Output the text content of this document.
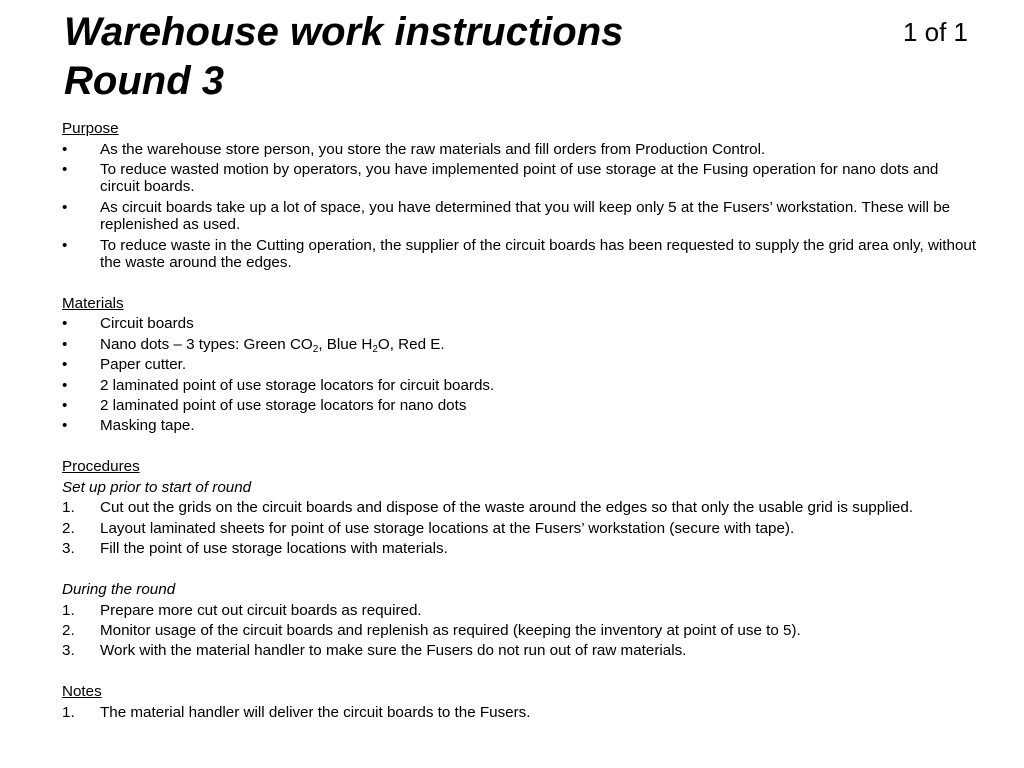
Warehouse work instructions
Round 3
1 of 1
Purpose
• As the warehouse store person, you store the raw materials and fill orders from Production Control.
• To reduce wasted motion by operators, you have implemented point of use storage at the Fusing operation for nano dots and circuit boards.
• As circuit boards take up a lot of space, you have determined that you will keep only 5 at the Fusers’ workstation. These will be replenished as used.
• To reduce waste in the Cutting operation, the supplier of the circuit boards has been requested to supply the grid area only, without the waste around the edges.
Materials
• Circuit boards
• Nano dots – 3 types: Green $CO_2$, Blue $H_2O$, Red E.
• Paper cutter.
• 2 laminated point of use storage locators for circuit boards.
• 2 laminated point of use storage locators for nano dots
• Masking tape.
Procedures
Set up prior to start of round
1. Cut out the grids on the circuit boards and dispose of the waste around the edges so that only the usable grid is supplied.
2. Layout laminated sheets for point of use storage locations at the Fusers’ workstation (secure with tape).
3. Fill the point of use storage locations with materials.
During the round
1. Prepare more cut out circuit boards as required.
2. Monitor usage of the circuit boards and replenish as required (keeping the inventory at point of use to 5).
3. Work with the material handler to make sure the Fusers do not run out of raw materials.
Notes
1. The material handler will deliver the circuit boards to the Fusers.
